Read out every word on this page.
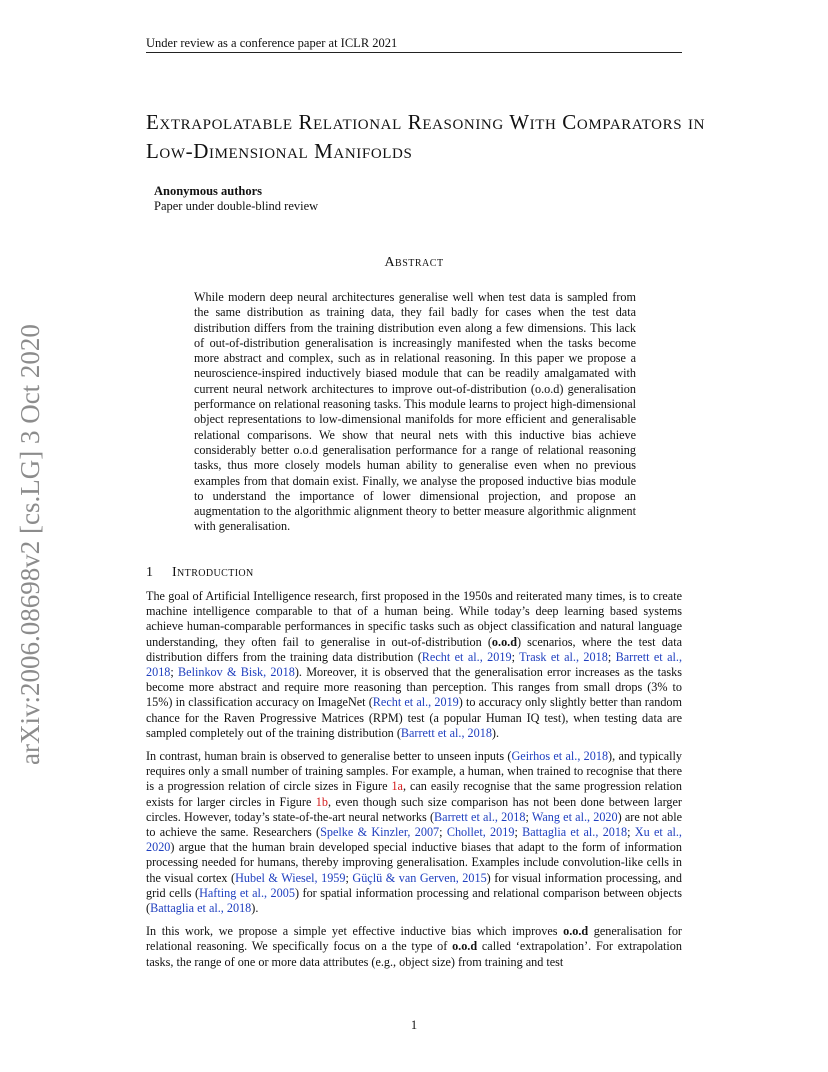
Under review as a conference paper at ICLR 2021
arXiv:2006.08698v2 [cs.LG] 3 Oct 2020
Extrapolatable Relational Reasoning With Comparators in Low-Dimensional Manifolds
Anonymous authors
Paper under double-blind review
Abstract
While modern deep neural architectures generalise well when test data is sampled from the same distribution as training data, they fail badly for cases when the test data distribution differs from the training distribution even along a few dimensions. This lack of out-of-distribution generalisation is increasingly manifested when the tasks become more abstract and complex, such as in relational reasoning. In this paper we propose a neuroscience-inspired inductively biased module that can be readily amalgamated with current neural network architectures to improve out-of-distribution (o.o.d) generalisation performance on relational reasoning tasks. This module learns to project high-dimensional object representations to low-dimensional manifolds for more efficient and generalisable relational comparisons. We show that neural nets with this inductive bias achieve considerably better o.o.d generalisation performance for a range of relational reasoning tasks, thus more closely models human ability to generalise even when no previous examples from that domain exist. Finally, we analyse the proposed inductive bias module to understand the importance of lower dimensional projection, and propose an augmentation to the algorithmic alignment theory to better measure algorithmic alignment with generalisation.
1 Introduction

The goal of Artificial Intelligence research, first proposed in the 1950s and reiterated many times, is to create machine intelligence comparable to that of a human being. While today’s deep learning based systems achieve human-comparable performances in specific tasks such as object classification and natural language understanding, they often fail to generalise in out-of-distribution (o.o.d) scenarios, where the test data distribution differs from the training data distribution (Recht et al., 2019; Trask et al., 2018; Barrett et al., 2018; Belinkov & Bisk, 2018). Moreover, it is observed that the generalisation error increases as the tasks become more abstract and require more reasoning than perception. This ranges from small drops (3% to 15%) in classification accuracy on ImageNet (Recht et al., 2019) to accuracy only slightly better than random chance for the Raven Progressive Matrices (RPM) test (a popular Human IQ test), when testing data are sampled completely out of the training distribution (Barrett et al., 2018).

In contrast, human brain is observed to generalise better to unseen inputs (Geirhos et al., 2018), and typically requires only a small number of training samples. For example, a human, when trained to recognise that there is a progression relation of circle sizes in Figure 1a, can easily recognise that the same progression relation exists for larger circles in Figure 1b, even though such size comparison has not been done between larger circles. However, today’s state-of-the-art neural networks (Barrett et al., 2018; Wang et al., 2020) are not able to achieve the same. Researchers (Spelke & Kinzler, 2007; Chollet, 2019; Battaglia et al., 2018; Xu et al., 2020) argue that the human brain developed special inductive biases that adapt to the form of information processing needed for humans, thereby improving generalisation. Examples include convolution-like cells in the visual cortex (Hubel & Wiesel, 1959; Güçlü & van Gerven, 2015) for visual information processing, and grid cells (Hafting et al., 2005) for spatial information processing and relational comparison between objects (Battaglia et al., 2018).

In this work, we propose a simple yet effective inductive bias which improves o.o.d generalisation for relational reasoning. We specifically focus on a the type of o.o.d called ‘extrapolation’. For extrapolation tasks, the range of one or more data attributes (e.g., object size) from training and test

1
